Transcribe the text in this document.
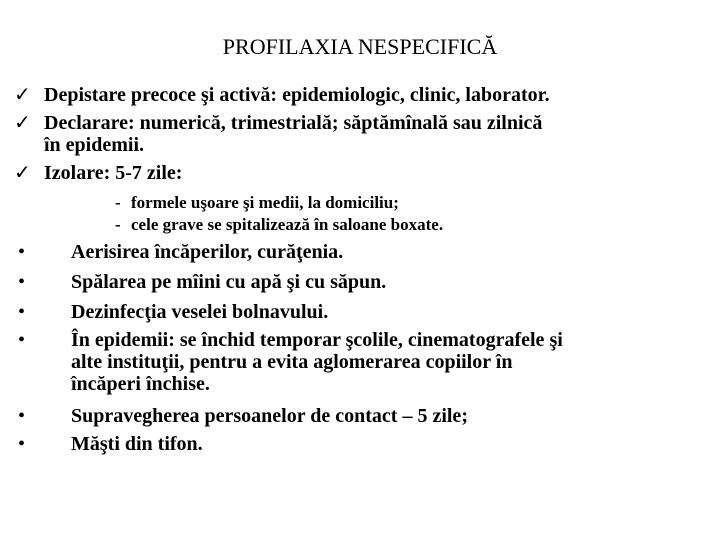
PROFILAXIA NESPECIFICĂ
✓ Depistare precoce şi activă: epidemiologic, clinic, laborator.
✓ Declarare: numerică, trimestrială; săptămînală sau zilnică
în epidemii.
✓ Izolare: 5-7 zile:
- formele uşoare şi medii, la domiciliu;
- cele grave se spitalizează în saloane boxate.
•	Aerisirea încăperilor, curăţenia.
•	Spălarea pe mîini cu apă şi cu săpun.
•	Dezinfecţia veselei bolnavului.
•	În epidemii: se închid temporar şcolile, cinematografele şi
alte instituţii, pentru a evita aglomerarea copiilor în
încăperi închise.
•	Supravegherea persoanelor de contact – 5 zile;
•	Măşti din tifon.
